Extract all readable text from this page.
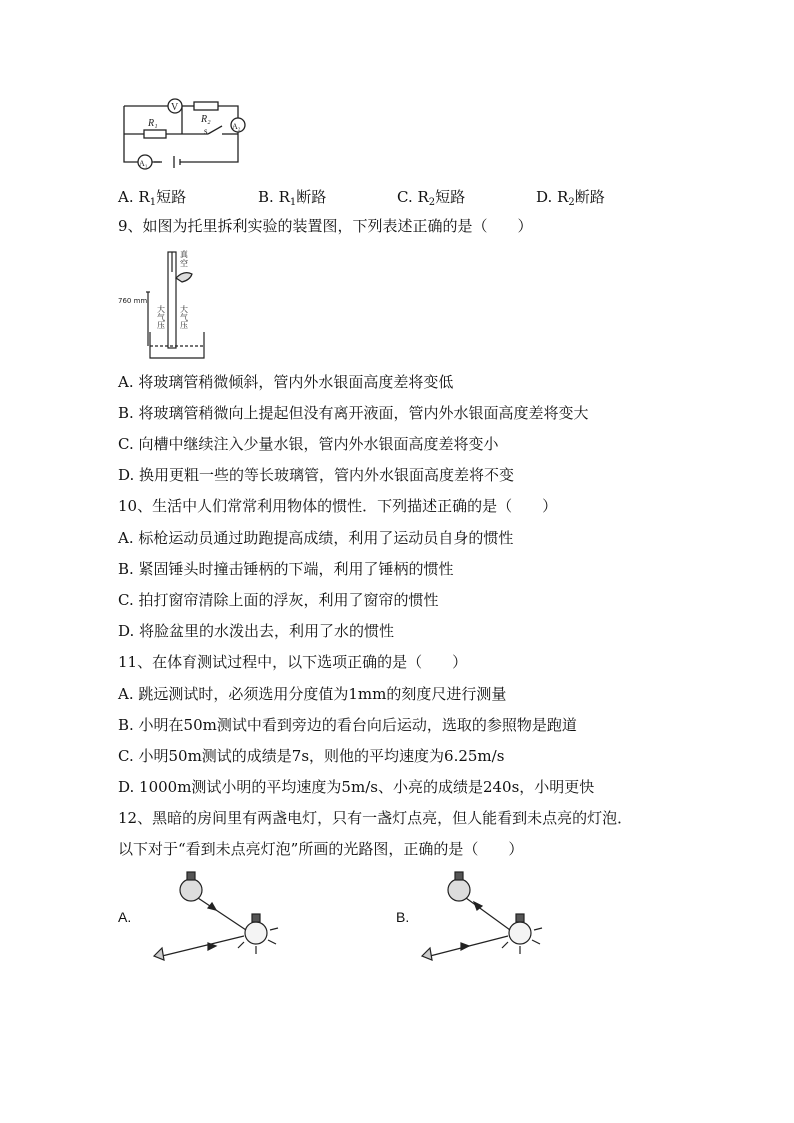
V
A₂
A₁
R₁	R₂
s
A. $R_1$短路	B. $R_1$断路	C. $R_2$短路	D. $R_2$断路
9、如图为托里拆利实验的装置图，下列表述正确的是（　　）
真
空
760 mm
大
气
压
大
气
压
A. 将玻璃管稍微倾斜，管内外水银面高度差将变低
B. 将玻璃管稍微向上提起但没有离开液面，管内外水银面高度差将变大
C. 向槽中继续注入少量水银，管内外水银面高度差将变小
D. 换用更粗一些的等长玻璃管，管内外水银面高度差将不变
10、生活中人们常常利用物体的惯性．下列描述正确的是（　　）
A. 标枪运动员通过助跑提高成绩，利用了运动员自身的惯性
B. 紧固锤头时撞击锤柄的下端，利用了锤柄的惯性
C. 拍打窗帘清除上面的浮灰，利用了窗帘的惯性
D. 将脸盆里的水泼出去，利用了水的惯性
11、在体育测试过程中，以下选项正确的是（　　）
A. 跳远测试时，必须选用分度值为1mm的刻度尺进行测量
B. 小明在50m测试中看到旁边的看台向后运动，选取的参照物是跑道
C. 小明50m测试的成绩是7s，则他的平均速度为6.25m/s
D. 1000m测试小明的平均速度为5m/s、小亮的成绩是240s，小明更快
12、黑暗的房间里有两盏电灯，只有一盏灯点亮，但人能看到未点亮的灯泡．
以下对于“看到未点亮灯泡”所画的光路图，正确的是（　　）
A.	B.
